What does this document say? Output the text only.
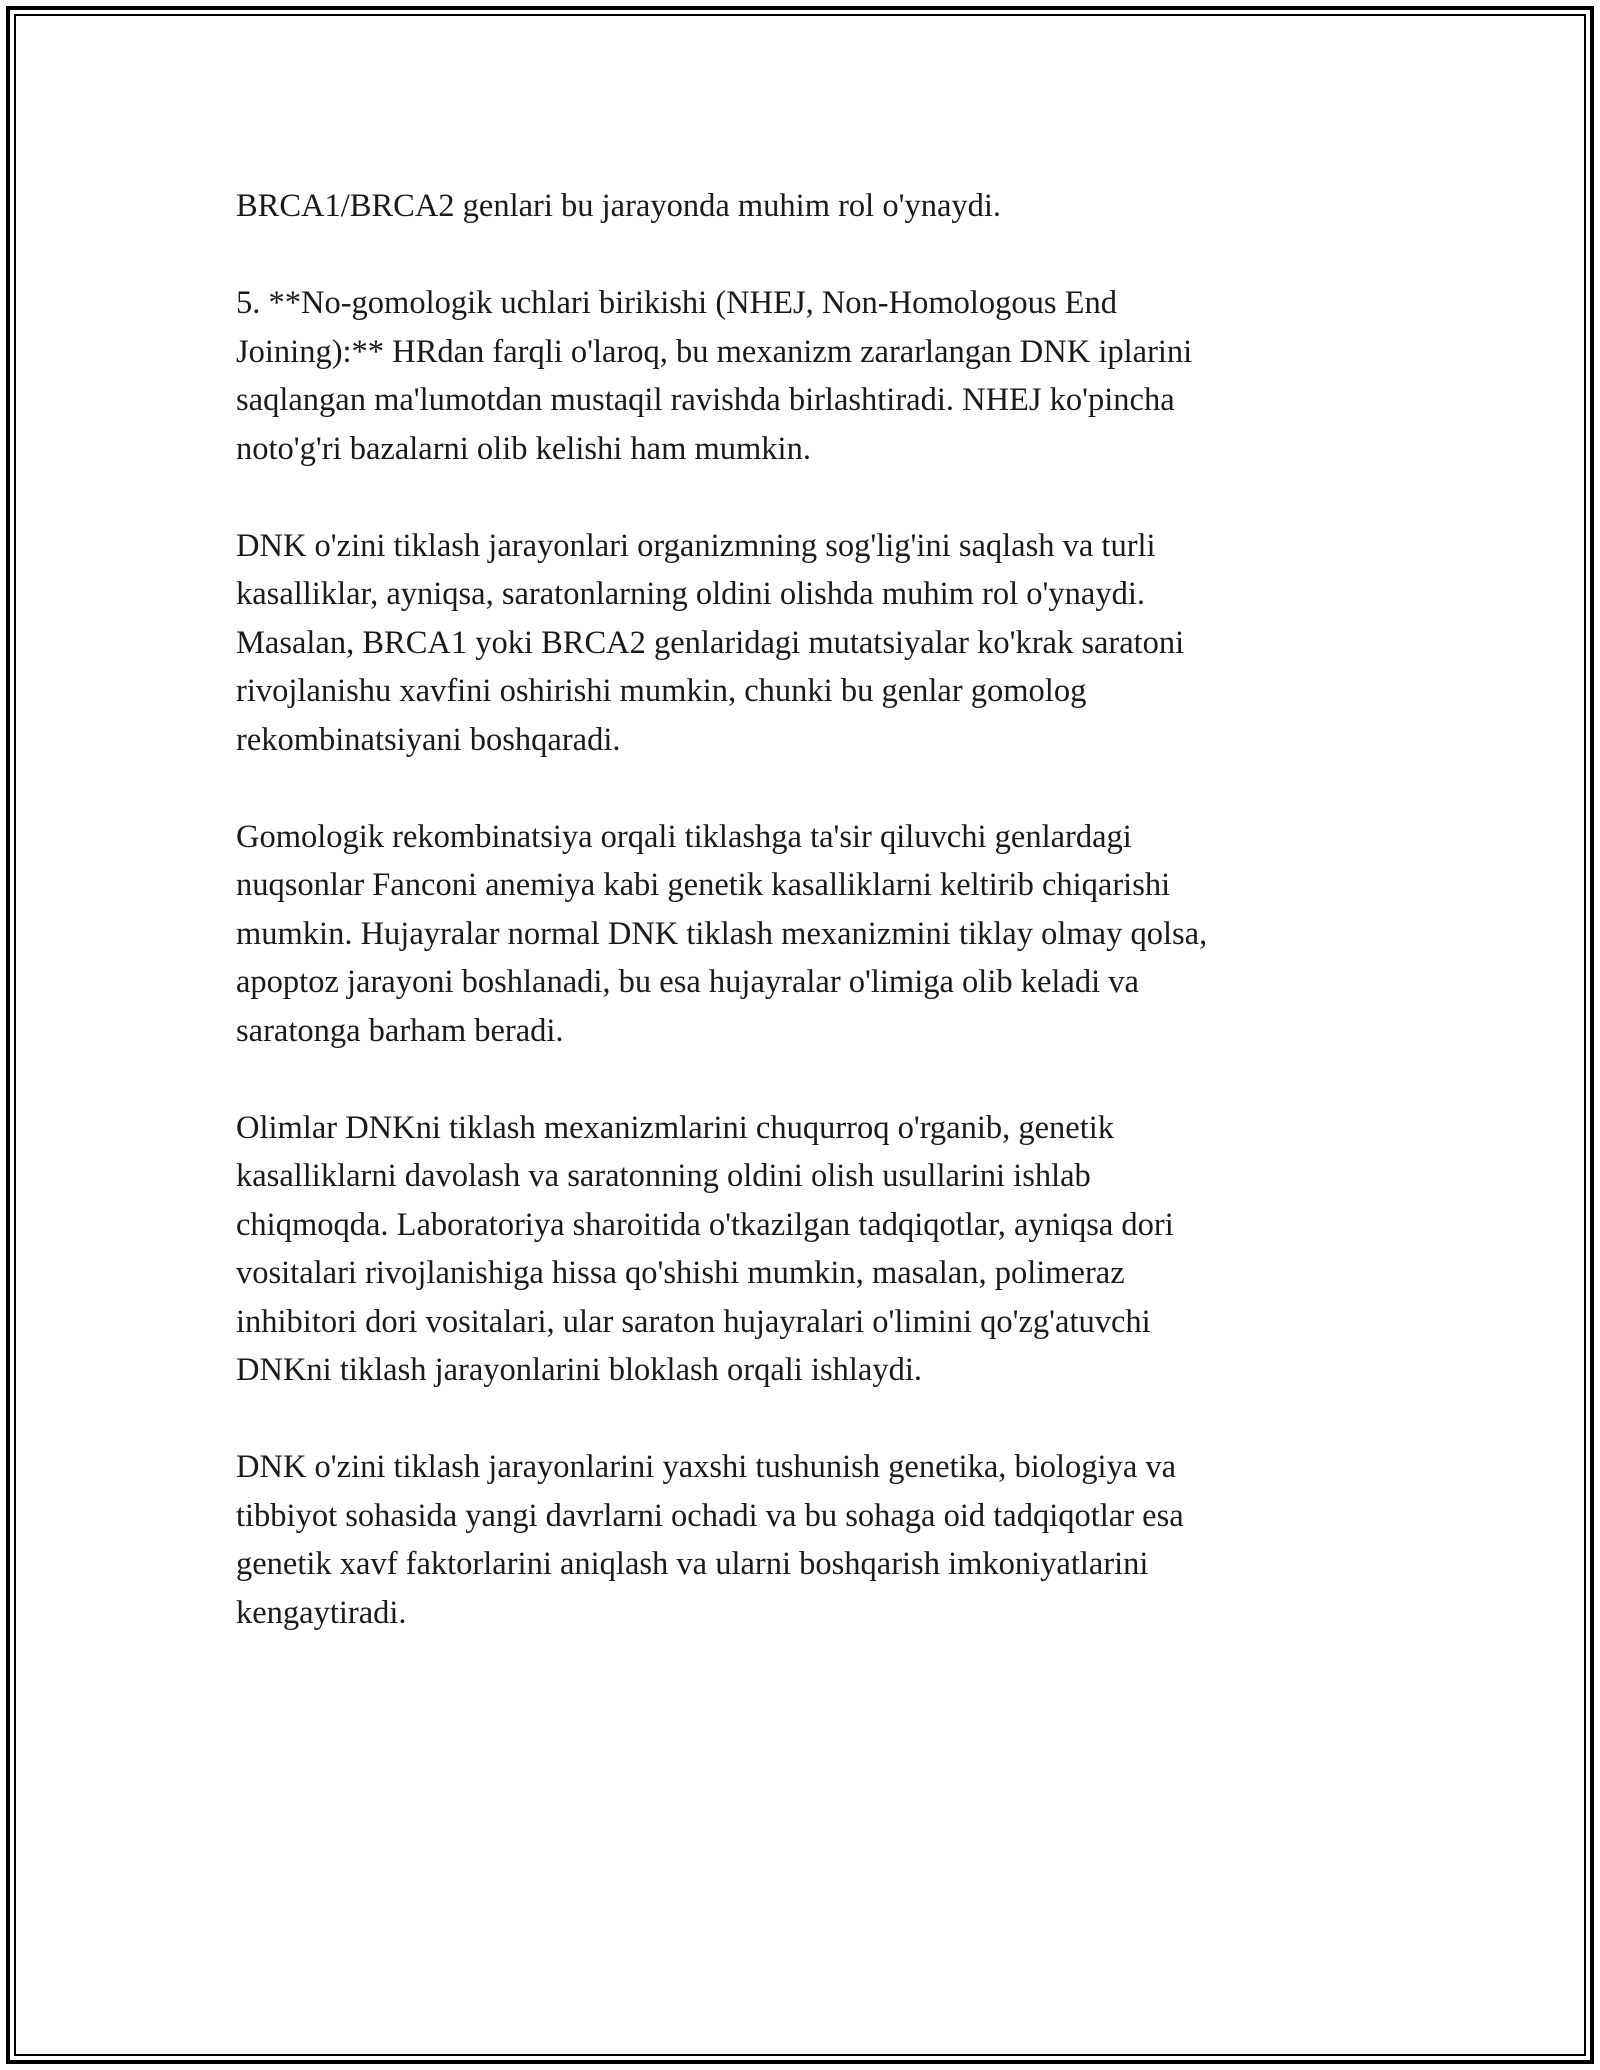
BRCA1/BRCA2 genlari bu jarayonda muhim rol o'ynaydi.

5. **No-gomologik uchlari birikishi (NHEJ, Non-Homologous End
Joining):** HRdan farqli o'laroq, bu mexanizm zararlangan DNK iplarini
saqlangan ma'lumotdan mustaqil ravishda birlashtiradi. NHEJ ko'pincha
noto'g'ri bazalarni olib kelishi ham mumkin.

DNK o'zini tiklash jarayonlari organizmning sog'lig'ini saqlash va turli
kasalliklar, ayniqsa, saratonlarning oldini olishda muhim rol o'ynaydi.
Masalan, BRCA1 yoki BRCA2 genlaridagi mutatsiyalar ko'krak saratoni
rivojlanishu xavfini oshirishi mumkin, chunki bu genlar gomolog
rekombinatsiyani boshqaradi.

Gomologik rekombinatsiya orqali tiklashga ta'sir qiluvchi genlardagi
nuqsonlar Fanconi anemiya kabi genetik kasalliklarni keltirib chiqarishi
mumkin. Hujayralar normal DNK tiklash mexanizmini tiklay olmay qolsa,
apoptoz jarayoni boshlanadi, bu esa hujayralar o'limiga olib keladi va
saratonga barham beradi.

Olimlar DNKni tiklash mexanizmlarini chuqurroq o'rganib, genetik
kasalliklarni davolash va saratonning oldini olish usullarini ishlab
chiqmoqda. Laboratoriya sharoitida o'tkazilgan tadqiqotlar, ayniqsa dori
vositalari rivojlanishiga hissa qo'shishi mumkin, masalan, polimeraz
inhibitori dori vositalari, ular saraton hujayralari o'limini qo'zg'atuvchi
DNKni tiklash jarayonlarini bloklash orqali ishlaydi.

DNK o'zini tiklash jarayonlarini yaxshi tushunish genetika, biologiya va
tibbiyot sohasida yangi davrlarni ochadi va bu sohaga oid tadqiqotlar esa
genetik xavf faktorlarini aniqlash va ularni boshqarish imkoniyatlarini
kengaytiradi.
